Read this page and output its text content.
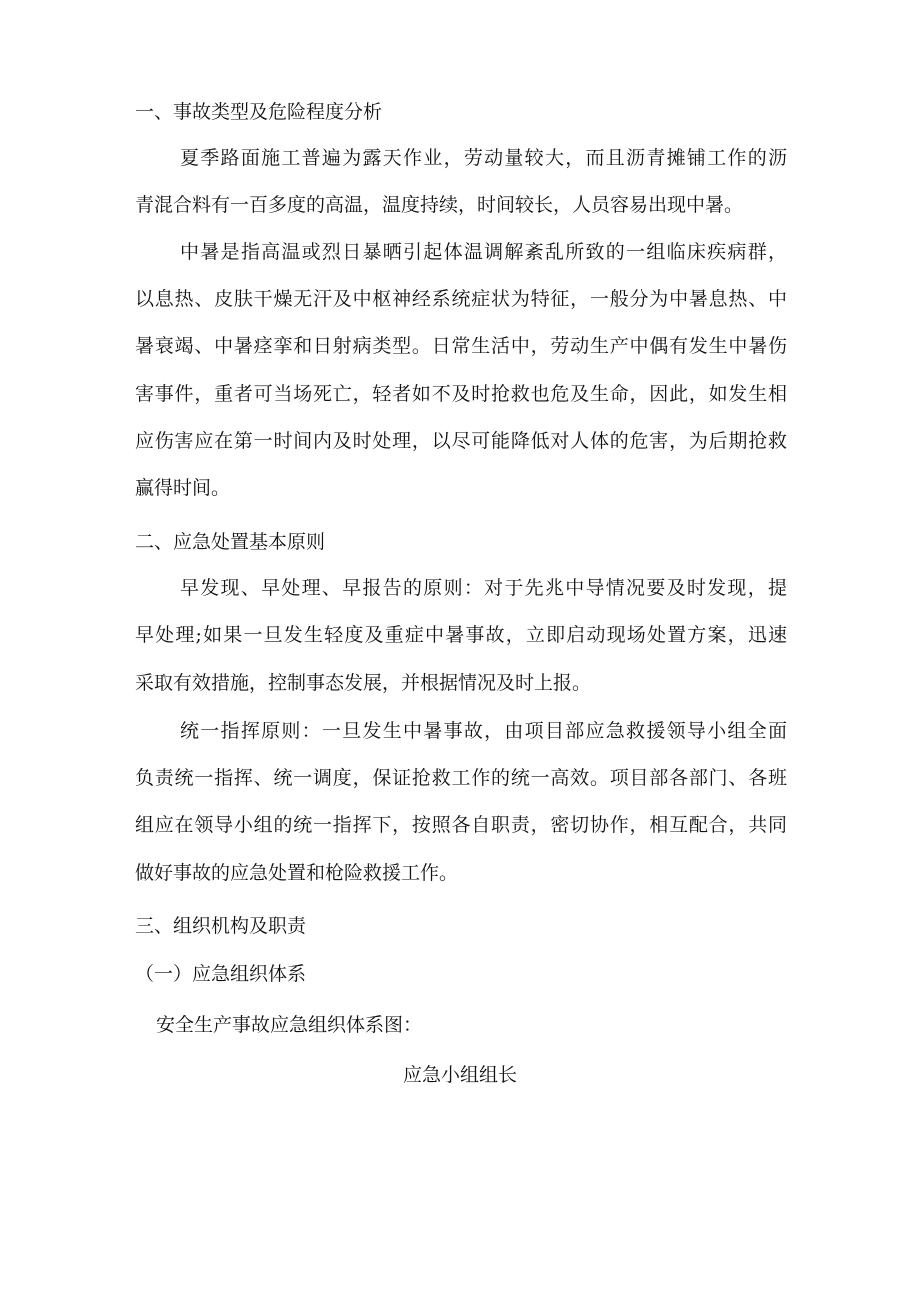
一、事故类型及危险程度分析
夏季路面施工普遍为露天作业，劳动量较大，而且沥青摊铺工作的沥
青混合料有一百多度的高温，温度持续，时间较长，人员容易出现中暑。
中暑是指高温或烈日暴晒引起体温调解紊乱所致的一组临床疾病群，
以息热、皮肤干燥无汗及中枢神经系统症状为特征，一般分为中暑息热、中
暑衰竭、中暑痉挛和日射病类型。日常生活中，劳动生产中偶有发生中暑伤
害事件，重者可当场死亡，轻者如不及时抢救也危及生命，因此，如发生相
应伤害应在第一时间内及时处理，以尽可能降低对人体的危害，为后期抢救
赢得时间。
二、应急处置基本原则
早发现、早处理、早报告的原则：对于先兆中导情况要及时发现，提
早处理;如果一旦发生轻度及重症中暑事故，立即启动现场处置方案，迅速
采取有效措施，控制事态发展，并根据情况及时上报。
统一指挥原则：一旦发生中暑事故，由项目部应急救援领导小组全面
负责统一指挥、统一调度，保证抢救工作的统一高效。项目部各部门、各班
组应在领导小组的统一指挥下，按照各自职责，密切协作，相互配合，共同
做好事故的应急处置和枪险救援工作。
三、组织机构及职责
（一）应急组织体系
安全生产事故应急组织体系图：
应急小组组长
